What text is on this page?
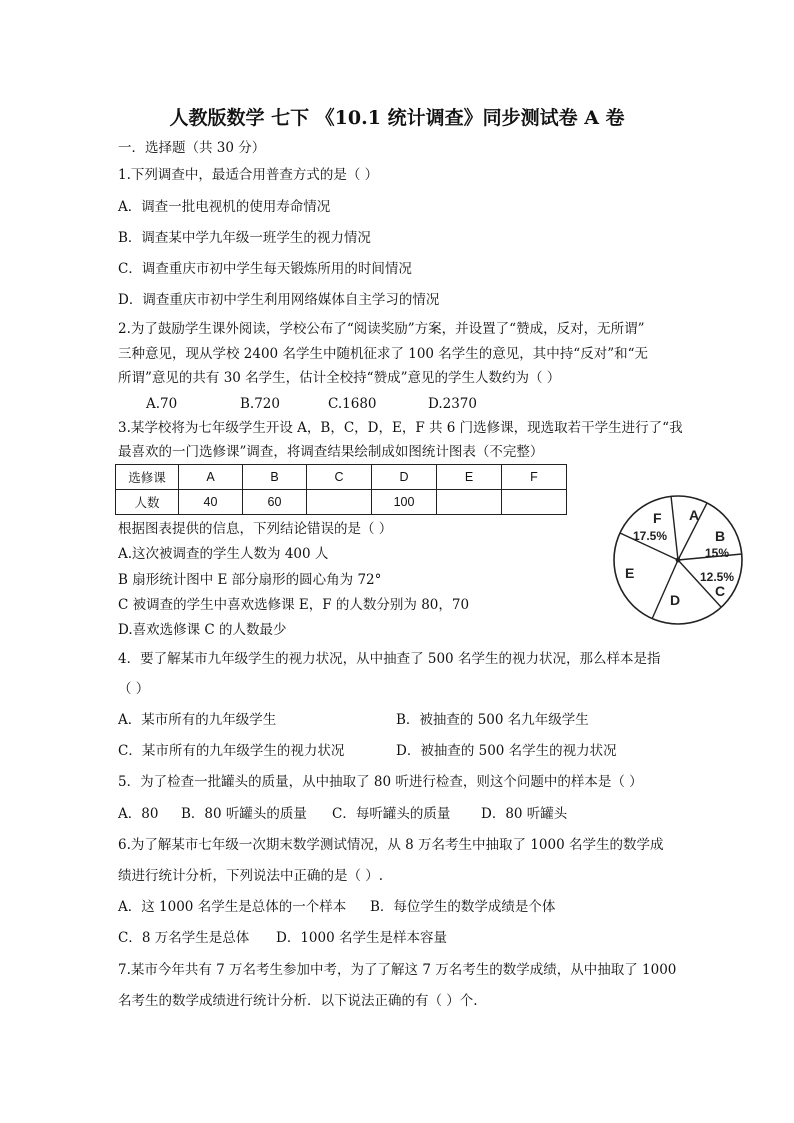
人教版数学 七下 《10.1 统计调查》同步测试卷 A 卷
一．选择题（共 30 分）
1.下列调查中，最适合用普查方式的是（ ）
A．调查一批电视机的使用寿命情况
B．调查某中学九年级一班学生的视力情况
C．调查重庆市初中学生每天锻炼所用的时间情况
D．调查重庆市初中学生利用网络媒体自主学习的情况
2.为了鼓励学生课外阅读，学校公布了“阅读奖励”方案，并设置了“赞成，反对，无所谓”
三种意见，现从学校 2400 名学生中随机征求了 100 名学生的意见，其中持“反对”和“无
所谓”意见的共有 30 名学生，估计全校持“赞成”意见的学生人数约为（ ）
A.70	B.720	C.1680	D.2370
3.某学校将为七年级学生开设 A，B，C，D，E，F 共 6 门选修课，现选取若干学生进行了“我
最喜欢的一门选修课”调查，将调查结果绘制成如图统计图表（不完整）
选修课	A	B	C	D	E	F
人数	40	60		100		
根据图表提供的信息，下列结论错误的是（ ）
A.这次被调查的学生人数为 400 人
B 扇形统计图中 E 部分扇形的圆心角为 72°
C 被调查的学生中喜欢选修课 E，F 的人数分别为 80，70
D.喜欢选修课 C 的人数最少
A
B
15%
12.5%
C
D
E
F
17.5%
4．要了解某市九年级学生的视力状况，从中抽查了 500 名学生的视力状况，那么样本是指
（ ）
A．某市所有的九年级学生	B．被抽查的 500 名九年级学生
C．某市所有的九年级学生的视力状况	D．被抽查的 500 名学生的视力状况
5．为了检查一批罐头的质量，从中抽取了 80 听进行检查，则这个问题中的样本是（ ）
A．80 B．80 听罐头的质量 C．每听罐头的质量 D．80 听罐头
6.为了解某市七年级一次期末数学测试情况，从 8 万名考生中抽取了 1000 名学生的数学成
绩进行统计分析，下列说法中正确的是（ ）.
A．这 1000 名学生是总体的一个样本 B．每位学生的数学成绩是个体
C．8 万名学生是总体 D．1000 名学生是样本容量
7.某市今年共有 7 万名考生参加中考，为了了解这 7 万名考生的数学成绩，从中抽取了 1000
名考生的数学成绩进行统计分析．以下说法正确的有（ ）个.
